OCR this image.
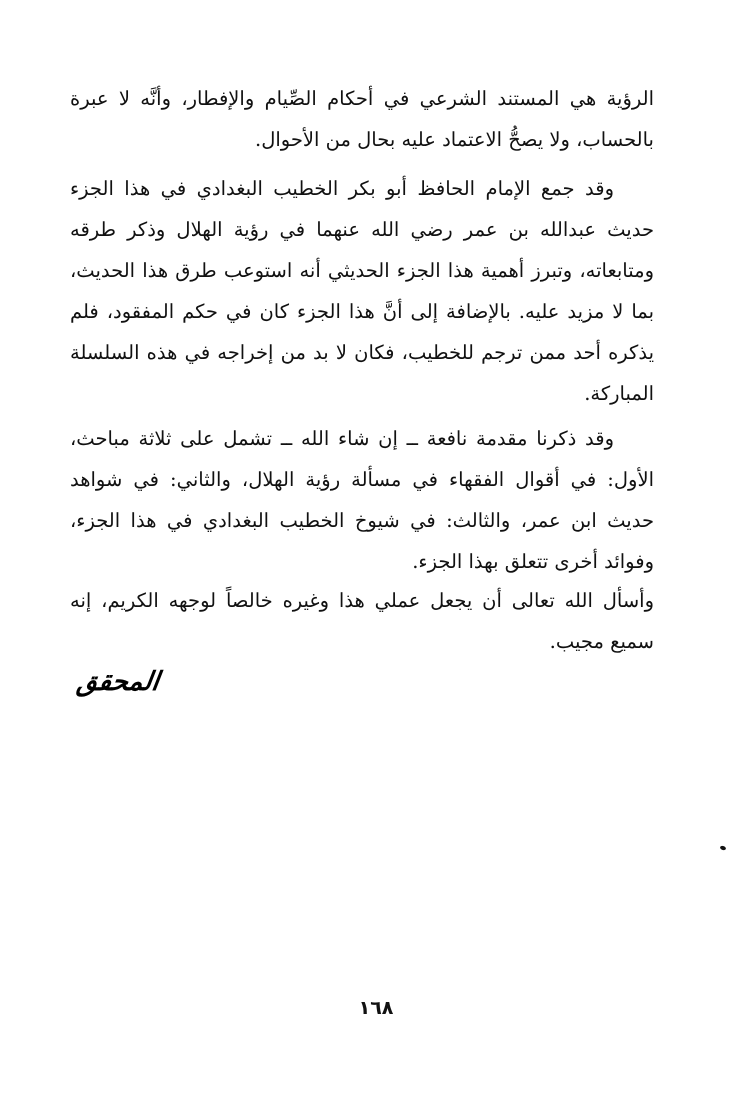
الرؤية هي المستند الشرعي في أحكام الصِّيام والإفطار، وأنَّه لا عبرة بالحساب، ولا يصحُّ الاعتماد عليه بحال من الأحوال.

وقد جمع الإمام الحافظ أبو بكر الخطيب البغدادي في هذا الجزء حديث عبدالله بن عمر رضي الله عنهما في رؤية الهلال وذكر طرقه ومتابعاته، وتبرز أهمية هذا الجزء الحديثي أنه استوعب طرق هذا الحديث، بما لا مزيد عليه. بالإضافة إلى أنَّ هذا الجزء كان في حكم المفقود، فلم يذكره أحد ممن ترجم للخطيب، فكان لا بد من إخراجه في هذه السلسلة المباركة.

وقد ذكرنا مقدمة نافعة ــ إن شاء الله ــ تشمل على ثلاثة مباحث، الأول: في أقوال الفقهاء في مسألة رؤية الهلال، والثاني: في شواهد حديث ابن عمر، والثالث: في شيوخ الخطيب البغدادي في هذا الجزء، وفوائد أخرى تتعلق بهذا الجزء.

وأسأل الله تعالى أن يجعل عملي هذا وغيره خالصاً لوجهه الكريم، إنه سميع مجيب.

المحقق
١٦٨
